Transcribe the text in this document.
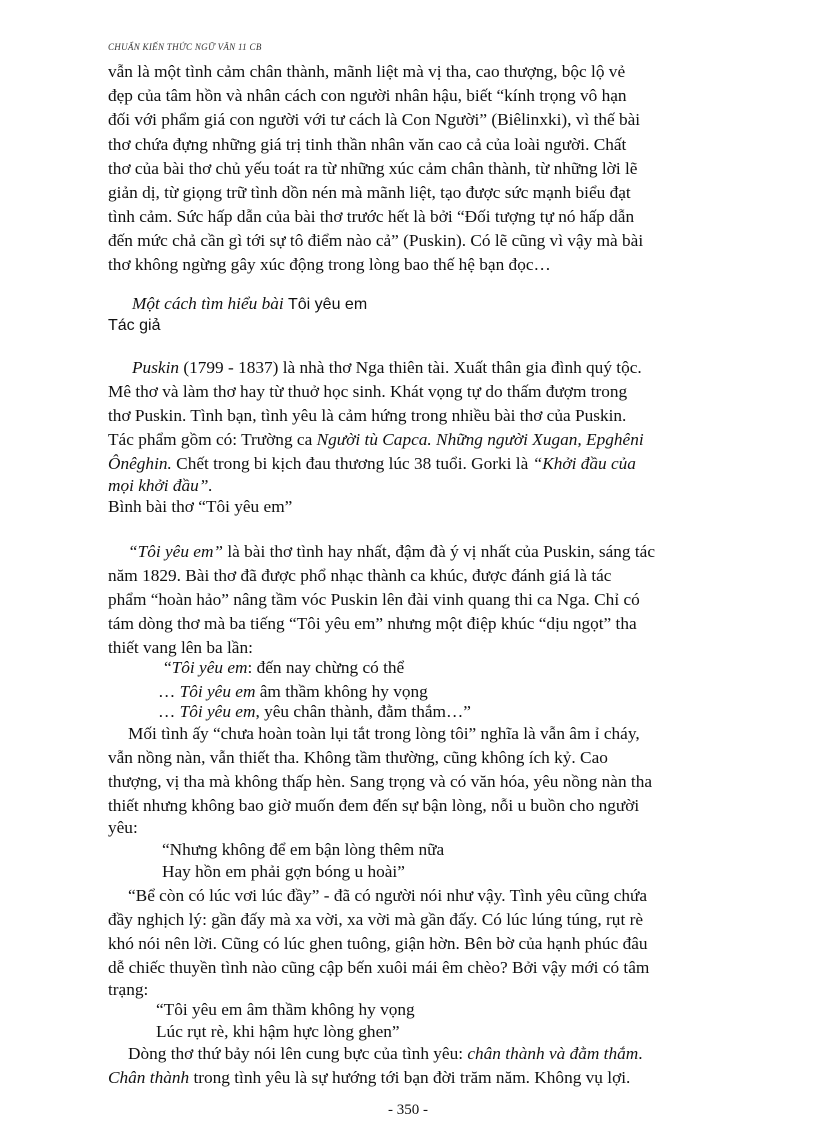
CHUẨN KIẾN THỨC NGỮ VĂN 11 CB
vẫn là một tình cảm chân thành, mãnh liệt mà vị tha, cao thượng, bộc lộ vẻ
đẹp của tâm hồn và nhân cách con người nhân hậu, biết “kính trọng vô hạn
đối với phẩm giá con người với tư cách là Con Người” (Biêlinxki), vì thế bài
thơ chứa đựng những giá trị tinh thần nhân văn cao cả của loài người. Chất
thơ của bài thơ chủ yếu toát ra từ những xúc cảm chân thành, từ những lời lẽ
giản dị, từ giọng trữ tình dồn nén mà mãnh liệt, tạo được sức mạnh biểu đạt
tình cảm. Sức hấp dẫn của bài thơ trước hết là bởi “Đối tượng tự nó hấp dẫn
đến mức chả cần gì tới sự tô điểm nào cả” (Puskin). Có lẽ cũng vì vậy mà bài
thơ không ngừng gây xúc động trong lòng bao thế hệ bạn đọc…
Một cách tìm hiểu bài Tôi yêu em
Tác giả
Puskin (1799 - 1837) là nhà thơ Nga thiên tài. Xuất thân gia đình quý tộc.
Mê thơ và làm thơ hay từ thuở học sinh. Khát vọng tự do thấm đượm trong
thơ Puskin. Tình bạn, tình yêu là cảm hứng trong nhiều bài thơ của Puskin.
Tác phẩm gồm có: Trường ca Người tù Capca. Những người Xugan, Epghêni
Ônêghin. Chết trong bi kịch đau thương lúc 38 tuổi. Gorki là “Khởi đầu của
mọi khởi đầu”.
Bình bài thơ “Tôi yêu em”
“Tôi yêu em” là bài thơ tình hay nhất, đậm đà ý vị nhất của Puskin, sáng tác
năm 1829. Bài thơ đã được phổ nhạc thành ca khúc, được đánh giá là tác
phẩm “hoàn hảo” nâng tầm vóc Puskin lên đài vinh quang thi ca Nga. Chỉ có
tám dòng thơ mà ba tiếng “Tôi yêu em” nhưng một điệp khúc “dịu ngọt” tha
thiết vang lên ba lần:
“Tôi yêu em: đến nay chừng có thể
… Tôi yêu em âm thầm không hy vọng
… Tôi yêu em, yêu chân thành, đằm thắm…”
Mối tình ấy “chưa hoàn toàn lụi tắt trong lòng tôi” nghĩa là vẫn âm ỉ cháy,
vẫn nồng nàn, vẫn thiết tha. Không tầm thường, cũng không ích kỷ. Cao
thượng, vị tha mà không thấp hèn. Sang trọng và có văn hóa, yêu nồng nàn tha
thiết nhưng không bao giờ muốn đem đến sự bận lòng, nỗi u buồn cho người
yêu:
“Nhưng không để em bận lòng thêm nữa
Hay hồn em phải gợn bóng u hoài”
“Bể còn có lúc vơi lúc đầy” - đã có người nói như vậy. Tình yêu cũng chứa
đầy nghịch lý: gần đấy mà xa vời, xa vời mà gần đấy. Có lúc lúng túng, rụt rè
khó nói nên lời. Cũng có lúc ghen tuông, giận hờn. Bên bờ của hạnh phúc đâu
dễ chiếc thuyền tình nào cũng cập bến xuôi mái êm chèo? Bởi vậy mới có tâm
trạng:
“Tôi yêu em âm thầm không hy vọng
Lúc rụt rè, khi hậm hực lòng ghen”
Dòng thơ thứ bảy nói lên cung bực của tình yêu: chân thành và đằm thắm.
Chân thành trong tình yêu là sự hướng tới bạn đời trăm năm. Không vụ lợi.
- 350 -
